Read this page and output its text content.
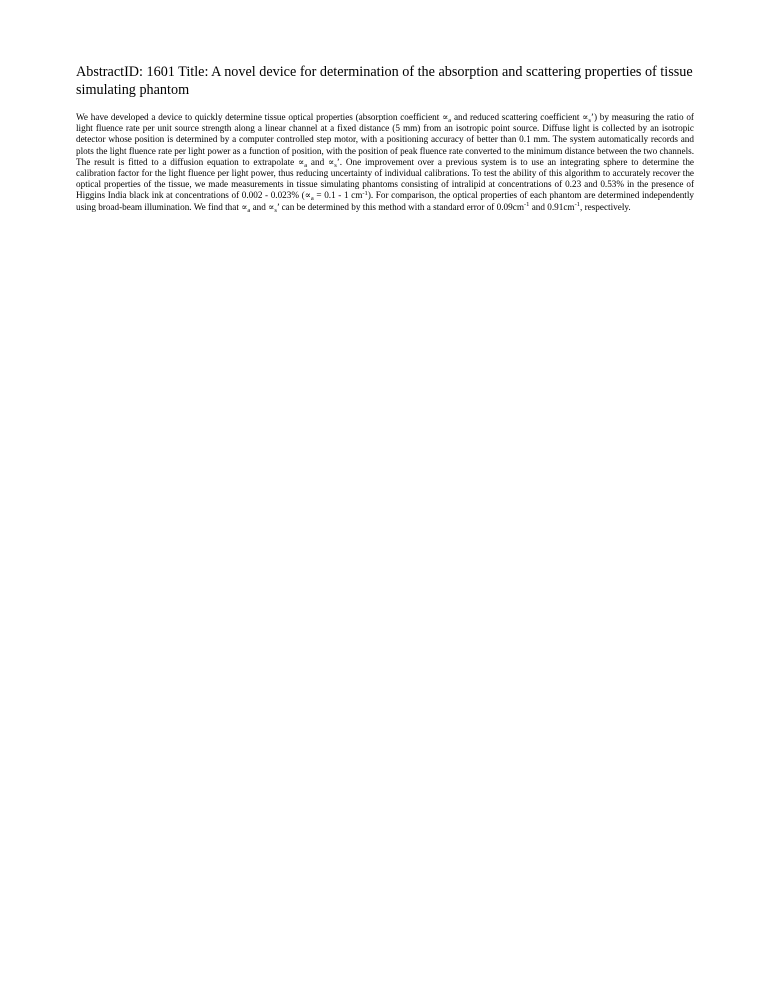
AbstractID: 1601 Title: A novel device for determination of the absorption and scattering properties of tissue simulating phantom

We have developed a device to quickly determine tissue optical properties (absorption coefficient $\propto_a$ and reduced scattering coefficient $\propto_s$’) by measuring the ratio of light fluence rate per unit source strength along a linear channel at a fixed distance (5 mm) from an isotropic point source. Diffuse light is collected by an isotropic detector whose position is determined by a computer controlled step motor, with a positioning accuracy of better than 0.1 mm. The system automatically records and plots the light fluence rate per light power as a function of position, with the position of peak fluence rate converted to the minimum distance between the two channels. The result is fitted to a diffusion equation to extrapolate $\propto_a$ and $\propto_s$’. One improvement over a previous system is to use an integrating sphere to determine the calibration factor for the light fluence per light power, thus reducing uncertainty of individual calibrations. To test the ability of this algorithm to accurately recover the optical properties of the tissue, we made measurements in tissue simulating phantoms consisting of intralipid at concentrations of 0.23 and 0.53% in the presence of Higgins India black ink at concentrations of 0.002 - 0.023% ($\propto_a = 0.1 - 1$ $cm^{-1}$). For comparison, the optical properties of each phantom are determined independently using broad-beam illumination. We find that $\propto_a$ and $\propto_s$’ can be determined by this method with a standard error of $0.09cm^{-1}$ and $0.91cm^{-1}$, respectively.
